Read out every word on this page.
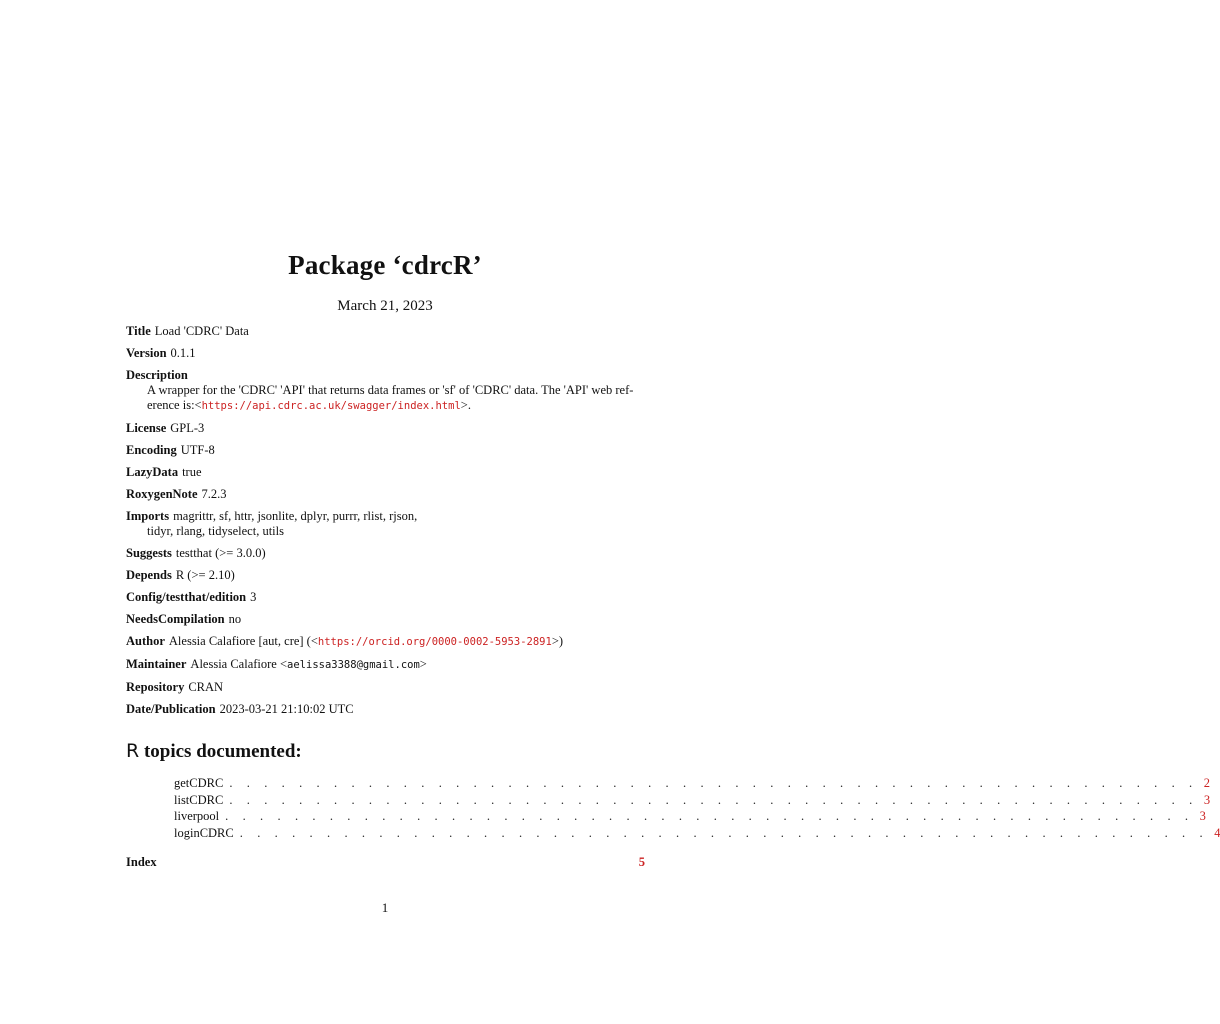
Package ‘cdrcR’
March 21, 2023
Title Load 'CDRC' Data
Version 0.1.1
Description
A wrapper for the 'CDRC' 'API' that returns data frames or 'sf' of 'CDRC' data. The 'API' web ref-
erence is:<https://api.cdrc.ac.uk/swagger/index.html>.
License GPL-3
Encoding UTF-8
LazyData true
RoxygenNote 7.2.3
Imports magrittr, sf, httr, jsonlite, dplyr, purrr, rlist, rjson,
tidyr, rlang, tidyselect, utils
Suggests testthat (>= 3.0.0)
Depends R (>= 2.10)
Config/testthat/edition 3
NeedsCompilation no
Author Alessia Calafiore [aut, cre] (<https://orcid.org/0000-0002-5953-2891>)
Maintainer Alessia Calafiore <aelissa3388@gmail.com>
Repository CRAN
Date/Publication 2023-03-21 21:10:02 UTC
R topics documented:
getCDRC . . . . . . . . . . . . . . . . . . . . . . . . . . . . . . . . . . . . . . . . . . . . . . . . . . . . . . . . 2
listCDRC . . . . . . . . . . . . . . . . . . . . . . . . . . . . . . . . . . . . . . . . . . . . . . . . . . . . . . . . 3
liverpool . . . . . . . . . . . . . . . . . . . . . . . . . . . . . . . . . . . . . . . . . . . . . . . . . . . . . . . . 3
loginCDRC . . . . . . . . . . . . . . . . . . . . . . . . . . . . . . . . . . . . . . . . . . . . . . . . . . . . . . . . 4
Index	5
1
